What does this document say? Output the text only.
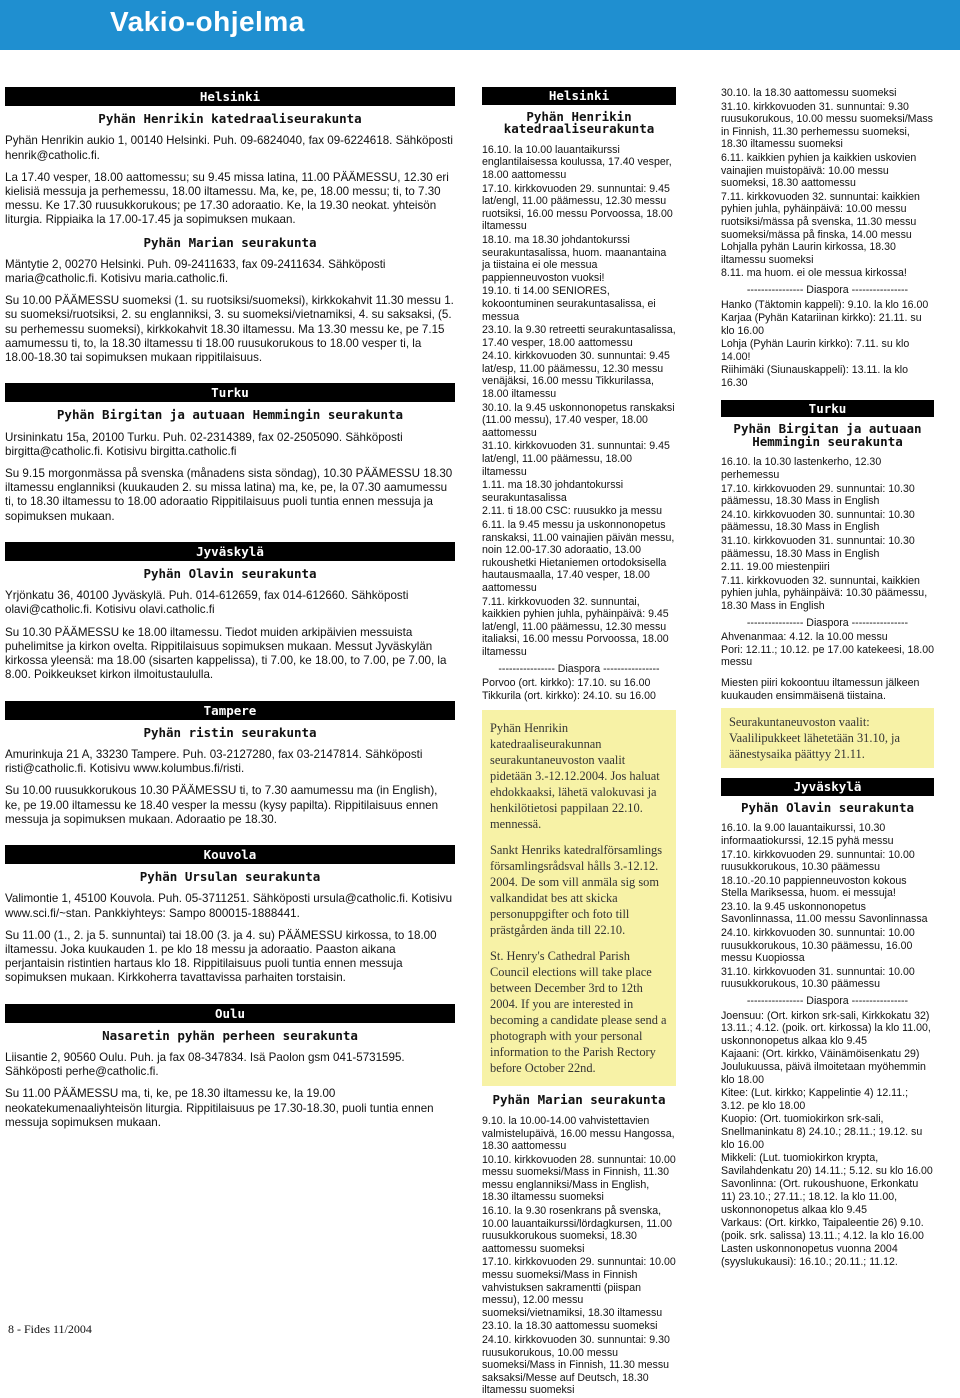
Vakio-ohjelma
Helsinki
Pyhän Henrikin katedraaliseurakunta

Pyhän Henrikin aukio 1, 00140 Helsinki. Puh. 09-6824040, fax 09-6224618. Sähköposti henrik@catholic.fi.

La 17.40 vesper, 18.00 aattomessu; su 9.45 missa latina, 11.00 PÄÄMESSU, 12.30 eri kielisiä messuja ja perhemessu, 18.00 iltamessu. Ma, ke, pe, 18.00 messu; ti, to 7.30 messu. Ke 17.30 ruusukkorukous; pe 17.30 adoraatio. Ke, la 19.30 neokat. yhteisön liturgia. Rippiaika la 17.00-17.45 ja sopimuksen mukaan.

Pyhän Marian seurakunta

Mäntytie 2, 00270 Helsinki. Puh. 09-2411633, fax 09-2411634. Sähköposti maria@catholic.fi. Kotisivu maria.catholic.fi.

Su 10.00 PÄÄMESSU suomeksi (1. su ruotsiksi/suomeksi), kirkkokahvit 11.30 messu 1. su suomeksi/ruotsiksi, 2. su englanniksi, 3. su suomeksi/vietnamiksi, 4. su saksaksi, (5. su perhemessu suomeksi), kirkkokahvit 18.30 iltamessu. Ma 13.30 messu ke, pe 7.15 aamumessu ti, to, la 18.30 iltamessu ti 18.00 ruusukorukous to 18.00 vesper ti, la 18.00-18.30 tai sopimuksen mukaan rippitilaisuus.

Turku
Pyhän Birgitan ja autuaan Hemmingin seurakunta

Ursininkatu 15a, 20100 Turku. Puh. 02-2314389, fax 02-2505090. Sähköposti birgitta@catholic.fi. Kotisivu birgitta.catholic.fi

Su 9.15 morgonmässa på svenska (månadens sista söndag), 10.30 PÄÄMESSU 18.30 iltamessu englanniksi (kuukauden 2. su missa latina) ma, ke, pe, la 07.30 aamumessu ti, to 18.30 iltamessu to 18.00 adoraatio Rippitilaisuus puoli tuntia ennen messuja ja sopimuksen mukaan.

Jyväskylä
Pyhän Olavin seurakunta

Yrjönkatu 36, 40100 Jyväskylä. Puh. 014-612659, fax 014-612660. Sähköposti olavi@catholic.fi. Kotisivu olavi.catholic.fi

Su 10.30 PÄÄMESSU ke 18.00 iltamessu. Tiedot muiden arkipäivien messuista puhelimitse ja kirkon ovelta. Rippitilaisuus sopimuksen mukaan. Messut Jyväskylän kirkossa yleensä: ma 18.00 (sisarten kappelissa), ti 7.00, ke 18.00, to 7.00, pe 7.00, la 8.00. Poikkeukset kirkon ilmoitustaululla.

Tampere
Pyhän ristin seurakunta

Amurinkuja 21 A, 33230 Tampere. Puh. 03-2127280, fax 03-2147814. Sähköposti risti@catholic.fi. Kotisivu www.kolumbus.fi/risti.

Su 10.00 ruusukkorukous 10.30 PÄÄMESSU ti, to 7.30 aamumessu ma (in English), ke, pe 19.00 iltamessu ke 18.40 vesper la messu (kysy papilta). Rippitilaisuus ennen messuja ja sopimuksen mukaan. Adoraatio pe 18.30.

Kouvola
Pyhän Ursulan seurakunta

Valimontie 1, 45100 Kouvola. Puh. 05-3711251. Sähköposti ursula@catholic.fi. Kotisivu www.sci.fi/~stan. Pankkiyhteys: Sampo 800015-1888441.

Su 11.00 (1., 2. ja 5. sunnuntai) tai 18.00 (3. ja 4. su) PÄÄMESSU kirkossa, to 18.00 iltamessu. Joka kuukauden 1. pe klo 18 messu ja adoraatio. Paaston aikana perjantaisin ristintien hartaus klo 18. Rippitilaisuus puoli tuntia ennen messuja sopimuksen mukaan. Kirkkoherra tavattavissa parhaiten torstaisin.

Oulu
Nasaretin pyhän perheen seurakunta

Liisantie 2, 90560 Oulu. Puh. ja fax 08-347834. Isä Paolon gsm 041-5731595. Sähköposti perhe@catholic.fi.

Su 11.00 PÄÄMESSU ma, ti, ke, pe 18.30 iltamessu ke, la 19.00 neokatekumenaaliyhteisön liturgia. Rippitilaisuus pe 17.30-18.30, puoli tuntia ennen messuja sopimuksen mukaan.

Helsinki
Pyhän Henrikin katedraaliseurakunta
16.10. la 10.00 lauantaikurssi englantilaisessa koulussa, 17.40 vesper, 18.00 aattomessu
17.10. kirkkovuoden 29. sunnuntai: 9.45 lat/engl, 11.00 päämessu, 12.30 messu ruotsiksi, 16.00 messu Porvoossa, 18.00 iltamessu
18.10. ma 18.30 johdantokurssi seurakuntasalissa, huom. maanantaina ja tiistaina ei ole messua pappienneuvoston vuoksi!
19.10. ti 14.00 SENIORES, kokoontuminen seurakuntasalissa, ei messua
23.10. la 9.30 retreetti seurakuntasalissa, 17.40 vesper, 18.00 aattomessu
24.10. kirkkovuoden 30. sunnuntai: 9.45 lat/esp, 11.00 päämessu, 12.30 messu venäjäksi, 16.00 messu Tikkurilassa, 18.00 iltamessu
30.10. la 9.45 uskonnonopetus ranskaksi (11.00 messu), 17.40 vesper, 18.00 aattomessu
31.10. kirkkovuoden 31. sunnuntai: 9.45 lat/engl, 11.00 päämessu, 18.00 iltamessu
1.11. ma 18.30 johdantokurssi seurakuntasalissa
2.11. ti 18.00 CSC: ruusukko ja messu
6.11. la 9.45 messu ja uskonnonopetus ranskaksi, 11.00 vainajien päivän messu, noin 12.00-17.30 adoraatio, 13.00 rukoushetki Hietaniemen ortodoksisella hautausmaalla, 17.40 vesper, 18.00 aattomessu
7.11. kirkkovuoden 32. sunnuntai, kaikkien pyhien juhla, pyhäinpäivä: 9.45 lat/engl, 11.00 päämessu, 12.30 messu italiaksi, 16.00 messu Porvoossa, 18.00 iltamessu
---------------- Diaspora ----------------
Porvoo (ort. kirkko): 17.10. su 16.00
Tikkurila (ort. kirkko): 24.10. su 16.00

Pyhän Henrikin katedraaliseurakunnan seurakuntaneuvoston vaalit pidetään 3.-12.12.2004. Jos haluat ehdokkaaksi, lähetä valokuvasi ja henkilötietosi pappilaan 22.10. mennessä.

Sankt Henriks katedralförsamlings församlingsrådsval hålls 3.-12.12. 2004. De som vill anmäla sig som valkandidat bes att skicka personuppgifter och foto till prästgården ända till 22.10.

St. Henry's Cathedral Parish Council elections will take place between December 3rd to 12th 2004. If you are interested in becoming a candidate please send a photograph with your personal information to the Parish Rectory before October 22nd.

Pyhän Marian seurakunta
9.10. la 10.00-14.00 vahvistettavien valmistelupäivä, 16.00 messu Hangossa, 18.30 aattomessu
10.10. kirkkovuoden 28. sunnuntai: 10.00 messu suomeksi/Mass in Finnish, 11.30 messu englanniksi/Mass in English, 18.30 iltamessu suomeksi
16.10. la 9.30 rosenkrans på svenska, 10.00 lauantaikurssi/lördagkursen, 11.00 ruusukkorukous suomeksi, 18.30 aattomessu suomeksi
17.10. kirkkovuoden 29. sunnuntai: 10.00 messu suomeksi/Mass in Finnish vahvistuksen sakramentti (piispan messu), 12.00 messu suomeksi/vietnamiksi, 18.30 iltamessu
23.10. la 18.30 aattomessu suomeksi
24.10. kirkkovuoden 30. sunnuntai: 9.30 ruusukorukous, 10.00 messu suomeksi/Mass in Finnish, 11.30 messu saksaksi/Messe auf Deutsch, 18.30 iltamessu suomeksi
30.10. la 18.30 aattomessu suomeksi
31.10. kirkkovuoden 31. sunnuntai: 9.30 ruusukorukous, 10.00 messu suomeksi/Mass in Finnish, 11.30 perhemessu suomeksi, 18.30 iltamessu suomeksi
6.11. kaikkien pyhien ja kaikkien uskovien vainajien muistopäivä: 10.00 messu suomeksi, 18.30 aattomessu
7.11. kirkkovuoden 32. sunnuntai: kaikkien pyhien juhla, pyhäinpäivä: 10.00 messu ruotsiksi/mässa på svenska, 11.30 messu suomeksi/mässa på finska, 14.00 messu Lohjalla pyhän Laurin kirkossa, 18.30 iltamessu suomeksi
8.11. ma huom. ei ole messua kirkossa!
---------------- Diaspora ----------------
Hanko (Täktomin kappeli): 9.10. la klo 16.00
Karjaa (Pyhän Katariinan kirkko): 21.11. su klo 16.00
Lohja (Pyhän Laurin kirkko): 7.11. su klo 14.00!
Riihimäki (Siunauskappeli): 13.11. la klo 16.30
Turku
Pyhän Birgitan ja autuaan Hemmingin seurakunta
16.10. la 10.30 lastenkerho, 12.30 perhemessu
17.10. kirkkovuoden 29. sunnuntai: 10.30 päämessu, 18.30 Mass in English
24.10. kirkkovuoden 30. sunnuntai: 10.30 päämessu, 18.30 Mass in English
31.10. kirkkovuoden 31. sunnuntai: 10.30 päämessu, 18.30 Mass in English
2.11. 19.00 miestenpiiri
7.11. kirkkovuoden 32. sunnuntai, kaikkien pyhien juhla, pyhäinpäivä: 10.30 päämessu, 18.30 Mass in English
---------------- Diaspora ----------------
Ahvenanmaa: 4.12. la 10.00 messu
Pori: 12.11.; 10.12. pe 17.00 katekeesi, 18.00 messu

Miesten piiri kokoontuu iltamessun jälkeen kuukauden ensimmäisenä tiistaina.

Seurakuntaneuvoston vaalit: Vaalilipukkeet lähetetään 31.10, ja äänestysaika päättyy 21.11.
Jyväskylä
Pyhän Olavin seurakunta
16.10. la 9.00 lauantaikurssi, 10.30 informaatiokurssi, 12.15 pyhä messu
17.10. kirkkovuoden 29. sunnuntai: 10.00 ruusukkorukous, 10.30 päämessu
18.10.-20.10 pappienneuvoston kokous Stella Mariksessa, huom. ei messuja!
23.10. la 9.45 uskonnonopetus Savonlinnassa, 11.00 messu Savonlinnassa
24.10. kirkkovuoden 30. sunnuntai: 10.00 ruusukkorukous, 10.30 päämessu, 16.00 messu Kuopiossa
31.10. kirkkovuoden 31. sunnuntai: 10.00 ruusukkorukous, 10.30 päämessu
---------------- Diaspora ----------------
Joensuu: (Ort. kirkon srk-sali, Kirkkokatu 32) 13.11.; 4.12. (poik. ort. kirkossa) la klo 11.00, uskonnonopetus alkaa klo 9.45
Kajaani: (Ort. kirkko, Väinämöisenkatu 29) Joulukuussa, päivä ilmoitetaan myöhemmin klo 18.00
Kitee: (Lut. kirkko; Kappelintie 4) 12.11.; 3.12. pe klo 18.00
Kuopio: (Ort. tuomiokirkon srk-sali, Snellmaninkatu 8) 24.10.; 28.11.; 19.12. su klo 16.00
Mikkeli: (Lut. tuomiokirkon krypta, Savilahdenkatu 20) 14.11.; 5.12. su klo 16.00
Savonlinna: (Ort. rukoushuone, Erkonkatu 11) 23.10.; 27.11.; 18.12. la klo 11.00, uskonnonopetus alkaa klo 9.45
Varkaus: (Ort. kirkko, Taipaleentie 26) 9.10.(poik. srk. salissa) 13.11.; 4.12. la klo 16.00
Lasten uskonnonopetus vuonna 2004 (syyslukukausi): 16.10.; 20.11.; 11.12.
8 - Fides 11/2004
